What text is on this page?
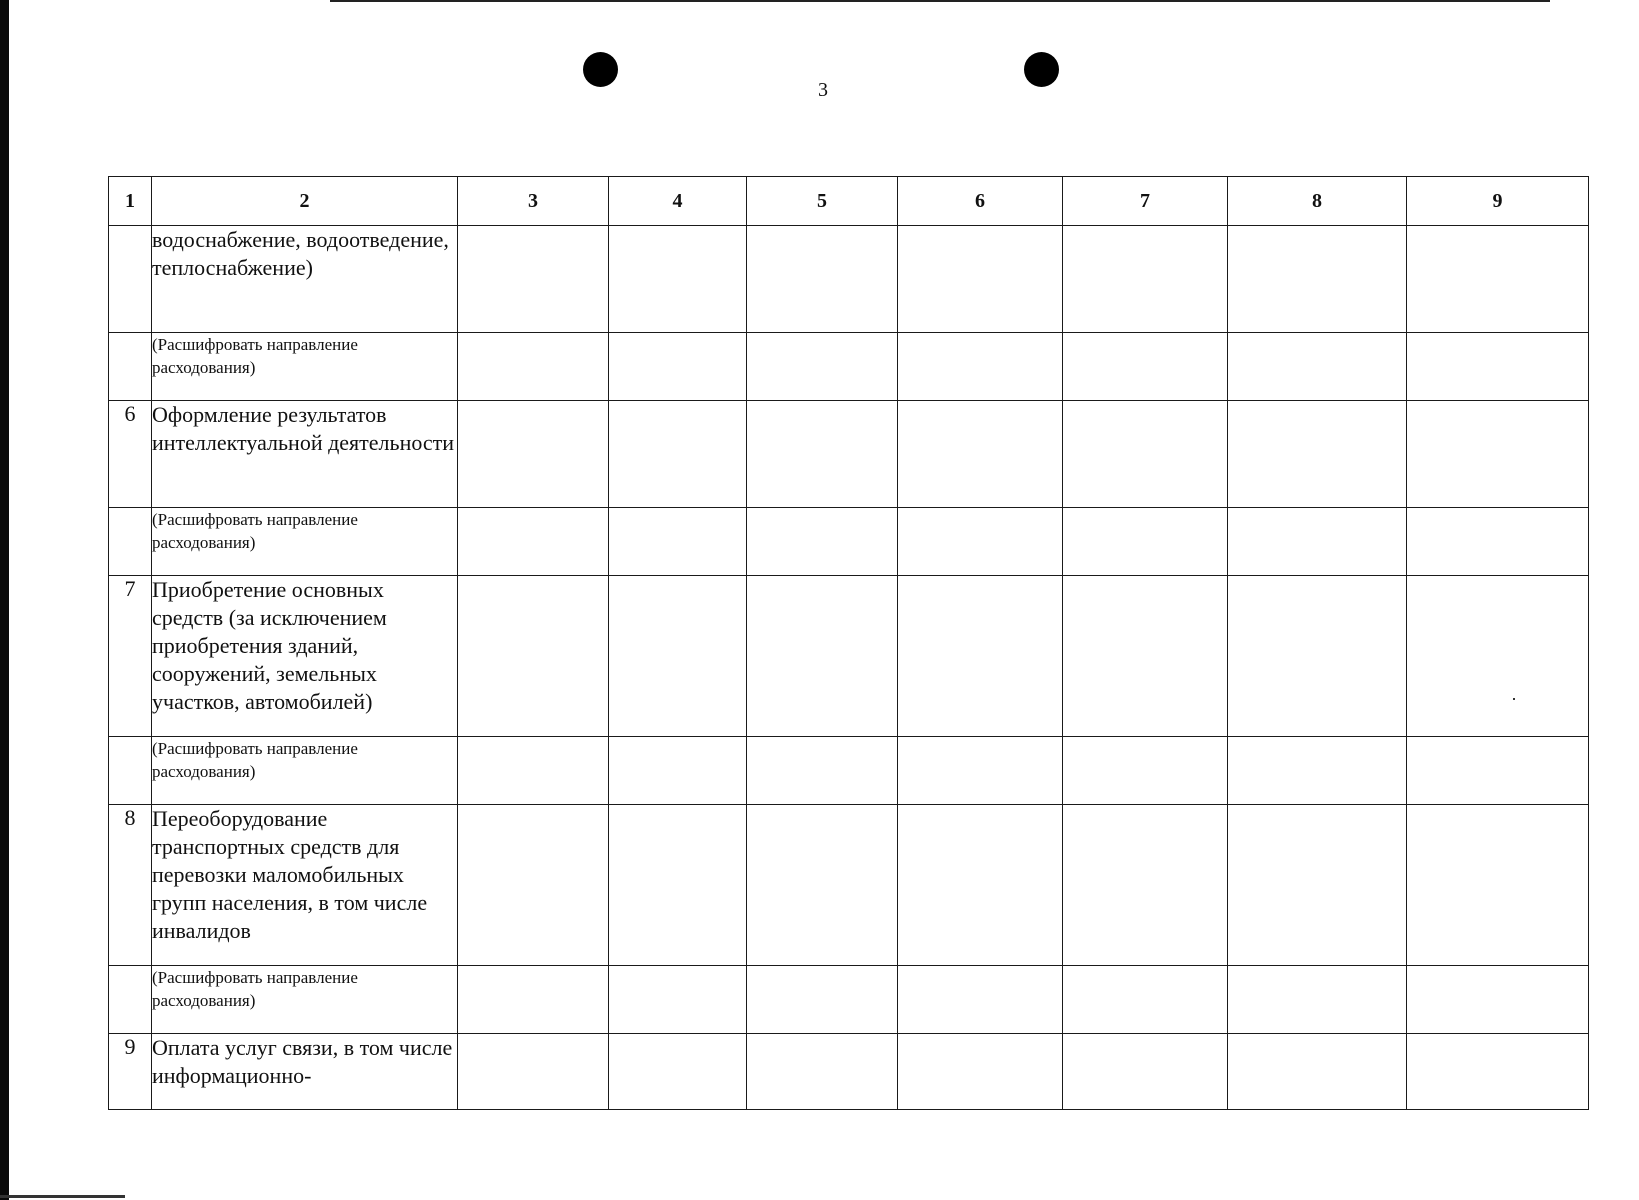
3
1	2	3	4	5	6	7	8	9
	водоснабжение, водоотведение, теплоснабжение)							
	(Расшифровать направление расходования)							
6	Оформление результатов интеллектуальной деятельности							
	(Расшифровать направление расходования)							
7	Приобретение основных средств (за исключением приобретения зданий, сооружений, земельных участков, автомобилей)							
	(Расшифровать направление расходования)							
8	Переоборудование транспортных средств для перевозки маломобильных групп населения, в том числе инвалидов							
	(Расшифровать направление расходования)							
9	Оплата услуг связи, в том числе информационно-							
